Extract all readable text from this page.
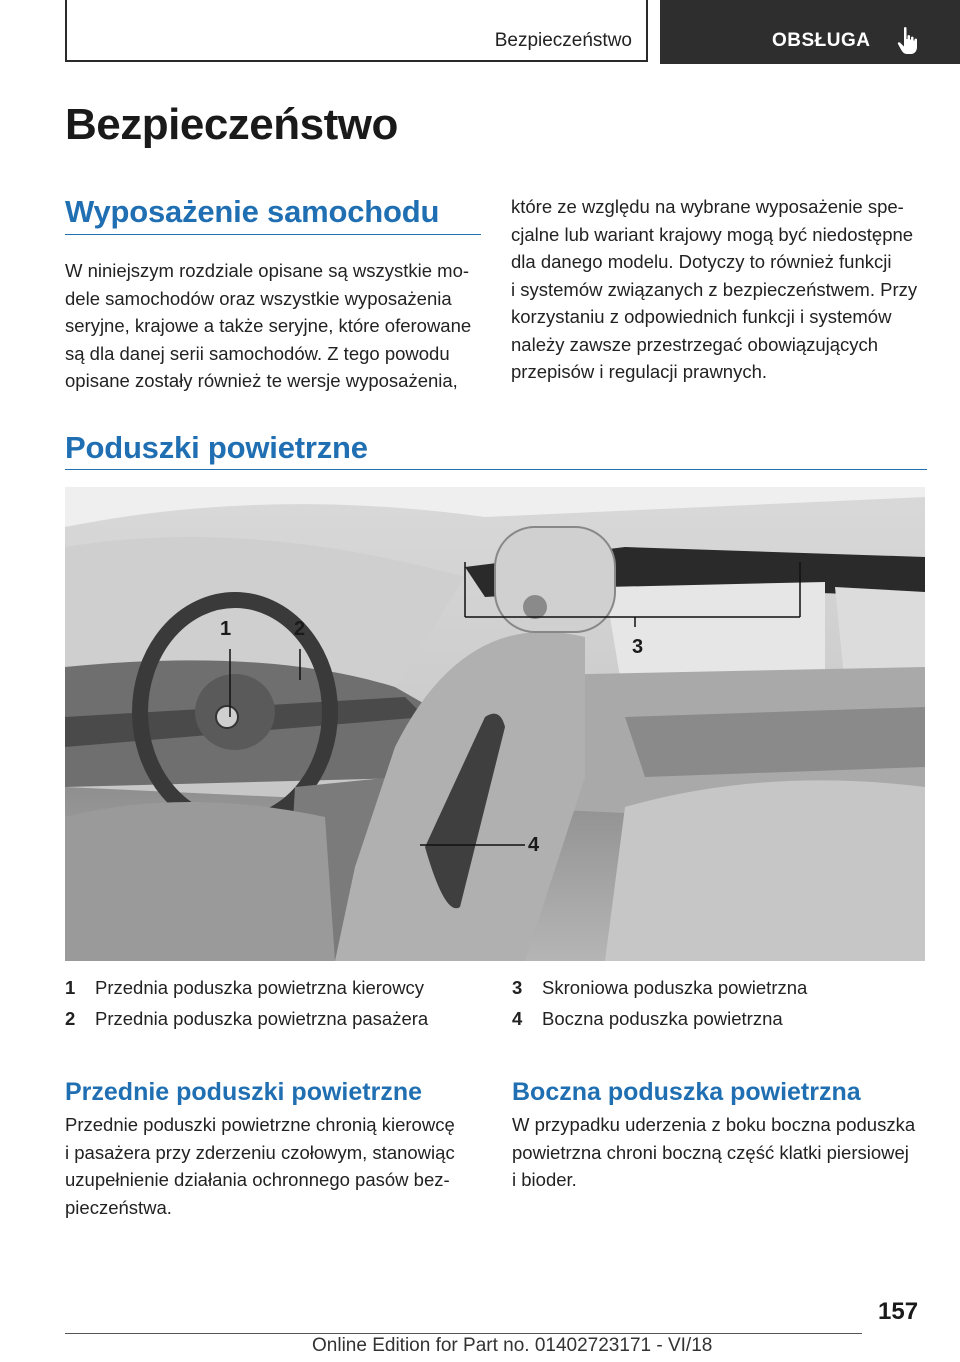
Bezpieczeństwo	OBSŁUGA
Bezpieczeństwo
Wyposażenie samochodu
W niniejszym rozdziale opisane są wszystkie mo-
dele samochodów oraz wszystkie wyposażenia
seryjne, krajowe a także seryjne, które oferowane
są dla danej serii samochodów. Z tego powodu
opisane zostały również te wersje wyposażenia,
które ze względu na wybrane wyposażenie spe-
cjalne lub wariant krajowy mogą być niedostępne
dla danego modelu. Dotyczy to również funkcji
i systemów związanych z bezpieczeństwem. Przy
korzystaniu z odpowiednich funkcji i systemów
należy zawsze przestrzegać obowiązujących
przepisów i regulacji prawnych.
Poduszki powietrzne
1	2
3
4
1 Przednia poduszka powietrzna kierowcy
2 Przednia poduszka powietrzna pasażera
3 Skroniowa poduszka powietrzna
4 Boczna poduszka powietrzna
Przednie poduszki powietrzne
Przednie poduszki powietrzne chronią kierowcę
i pasażera przy zderzeniu czołowym, stanowiąc
uzupełnienie działania ochronnego pasów bez-
pieczeństwa.
Boczna poduszka powietrzna
W przypadku uderzenia z boku boczna poduszka
powietrzna chroni boczną część klatki piersiowej
i bioder.
157
Online Edition for Part no. 01402723171 - VI/18
